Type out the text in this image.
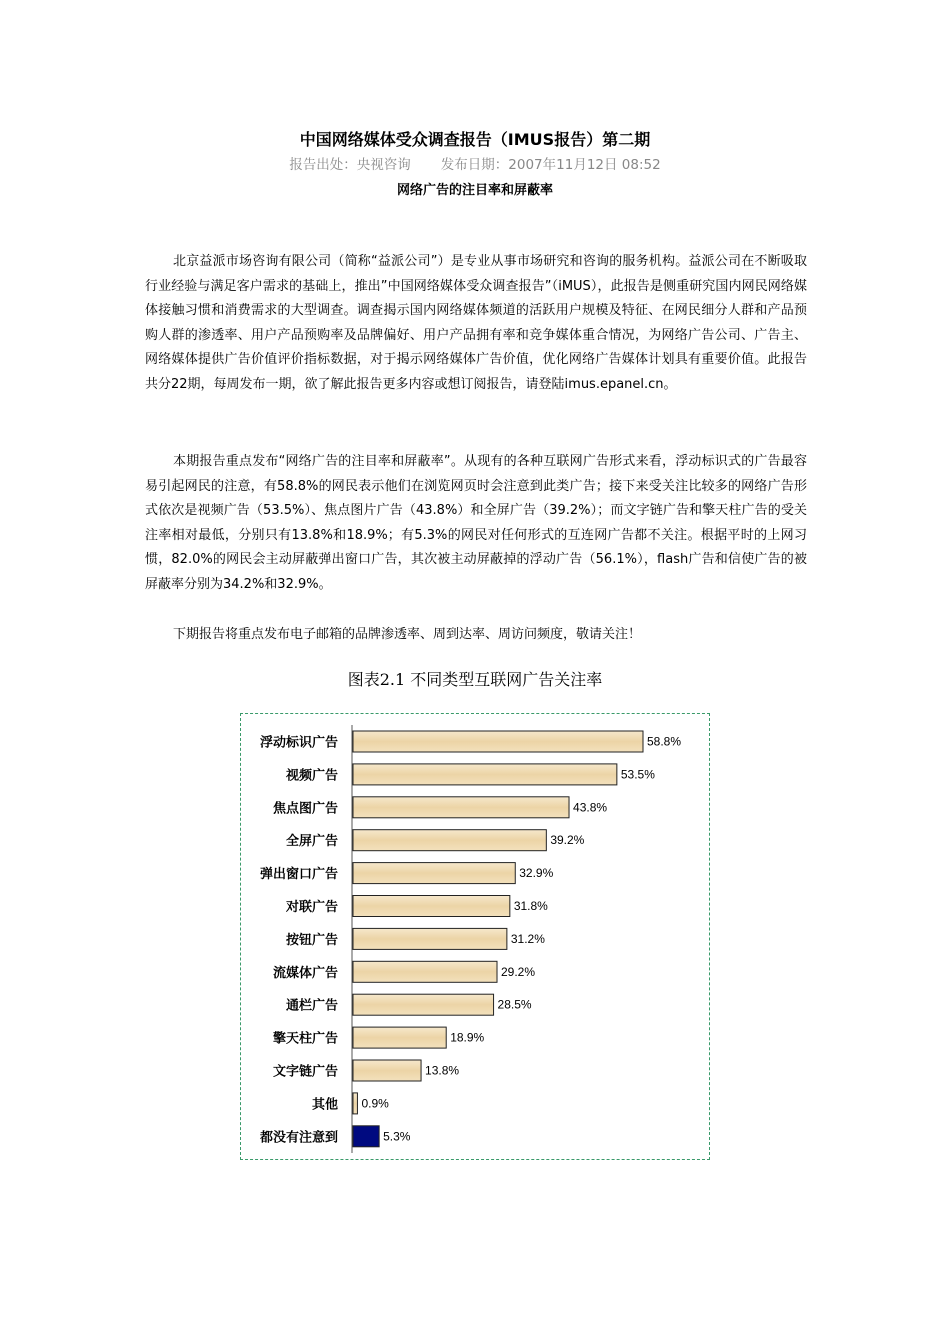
中国网络媒体受众调查报告（IMUS报告）第二期
报告出处：央视咨询 发布日期：2007年11月12日 08:52
网络广告的注目率和屏蔽率

北京益派市场咨询有限公司（简称“益派公司”）是专业从事市场研究和咨询的服务机构。益派公司在不断吸取行业经验与满足客户需求的基础上，推出”中国网络媒体受众调查报告”（iMUS），此报告是侧重研究国内网民网络媒体接触习惯和消费需求的大型调查。调查揭示国内网络媒体频道的活跃用户规模及特征、在网民细分人群和产品预购人群的渗透率、用户产品预购率及品牌偏好、用户产品拥有率和竞争媒体重合情况，为网络广告公司、广告主、网络媒体提供广告价值评价指标数据，对于揭示网络媒体广告价值，优化网络广告媒体计划具有重要价值。此报告共分22期，每周发布一期，欲了解此报告更多内容或想订阅报告，请登陆imus.epanel.cn。

本期报告重点发布“网络广告的注目率和屏蔽率”。从现有的各种互联网广告形式来看，浮动标识式的广告最容易引起网民的注意，有58.8%的网民表示他们在浏览网页时会注意到此类广告；接下来受关注比较多的网络广告形式依次是视频广告（53.5%）、焦点图片广告（43.8%）和全屏广告（39.2%）；而文字链广告和擎天柱广告的受关注率相对最低，分别只有13.8%和18.9%；有5.3%的网民对任何形式的互连网广告都不关注。根据平时的上网习惯，82.0%的网民会主动屏蔽弹出窗口广告，其次被主动屏蔽掉的浮动广告（56.1%），flash广告和信使广告的被屏蔽率分别为34.2%和32.9%。

下期报告将重点发布电子邮箱的品牌渗透率、周到达率、周访问频度，敬请关注！

图表2.1 不同类型互联网广告关注率
浮动标识广告	58.8%
视频广告	53.5%
焦点图广告	43.8%
全屏广告	39.2%
弹出窗口广告	32.9%
对联广告	31.8%
按钮广告	31.2%
流媒体广告	29.2%
通栏广告	28.5%
擎天柱广告	18.9%
文字链广告	13.8%
其他 0.9%
都没有注意到	5.3%
